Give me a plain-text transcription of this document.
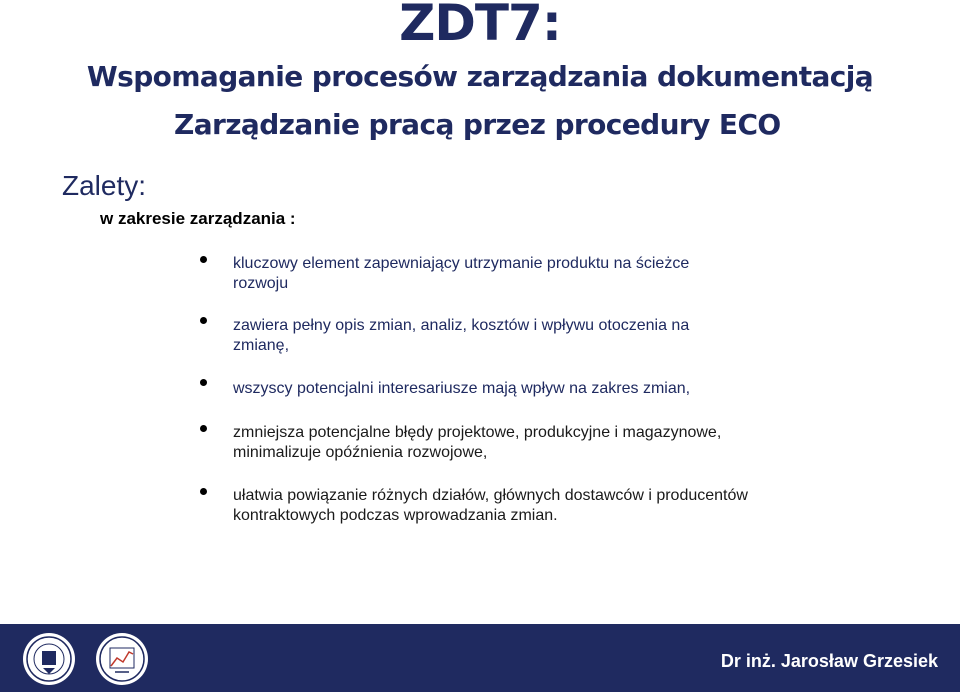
ZDT7:
Wspomaganie procesów zarządzania dokumentacją
Zarządzanie pracą przez procedury ECO
Zalety:
w zakresie zarządzania :
kluczowy element zapewniający utrzymanie produktu na ścieżce
rozwoju
zawiera pełny opis zmian, analiz, kosztów i wpływu otoczenia na
zmianę,
wszyscy potencjalni interesariusze mają wpływ na zakres zmian,
zmniejsza potencjalne błędy projektowe, produkcyjne i magazynowe,
minimalizuje opóźnienia rozwojowe,
ułatwia powiązanie różnych działów, głównych dostawców i producentów
kontraktowych podczas wprowadzania zmian.
Dr inż. Jarosław Grzesiek
